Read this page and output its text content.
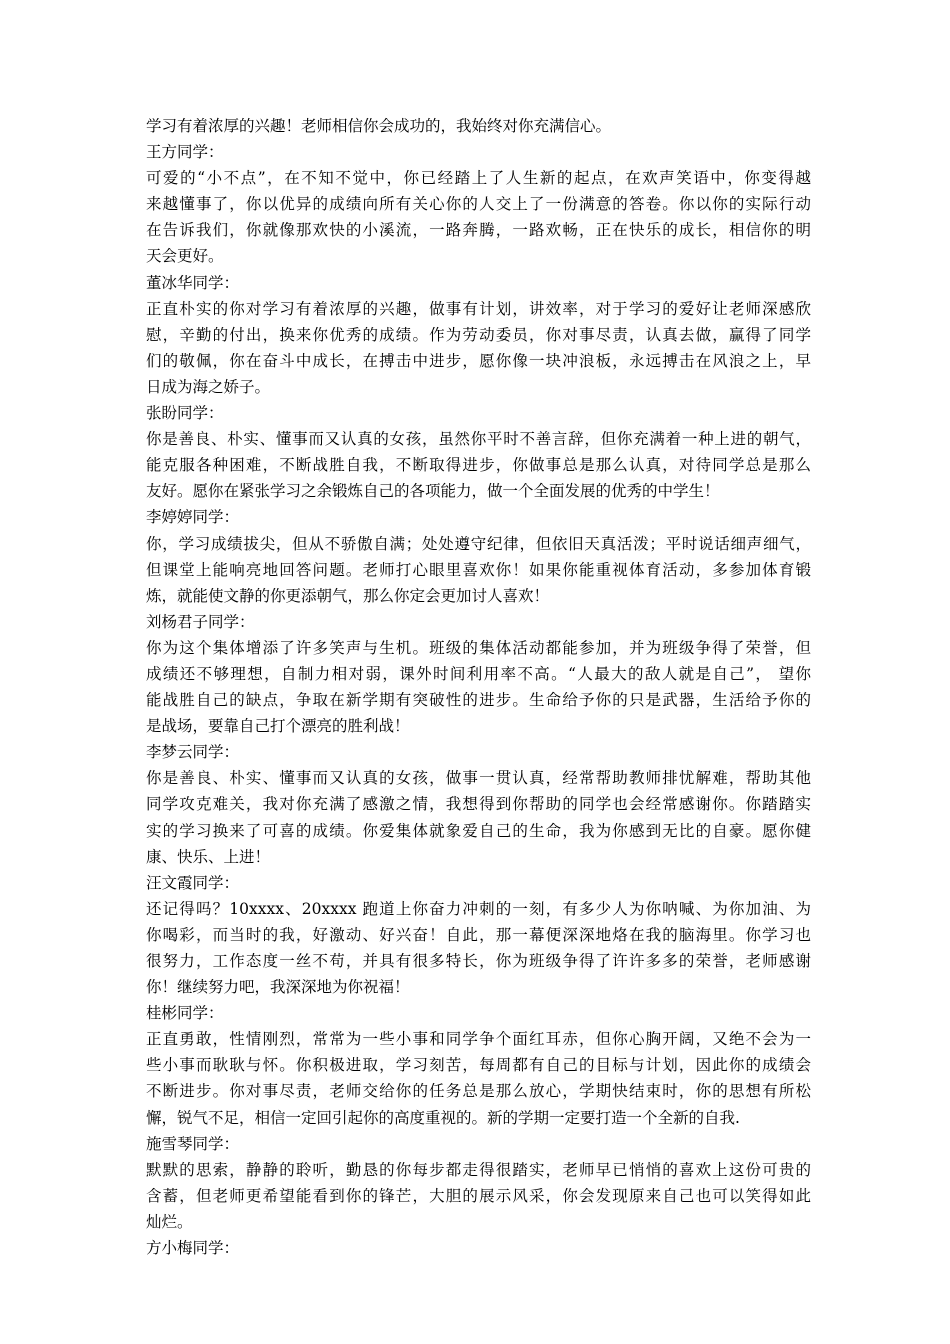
学习有着浓厚的兴趣！老师相信你会成功的，我始终对你充满信心。
王方同学：
可爱的“小不点”，在不知不觉中，你已经踏上了人生新的起点，在欢声笑语中，你变得越
来越懂事了，你以优异的成绩向所有关心你的人交上了一份满意的答卷。你以你的实际行动
在告诉我们，你就像那欢快的小溪流，一路奔腾，一路欢畅，正在快乐的成长，相信你的明
天会更好。
董冰华同学：
正直朴实的你对学习有着浓厚的兴趣，做事有计划，讲效率，对于学习的爱好让老师深感欣
慰，辛勤的付出，换来你优秀的成绩。作为劳动委员，你对事尽责，认真去做，赢得了同学
们的敬佩，你在奋斗中成长，在搏击中进步，愿你像一块冲浪板，永远搏击在风浪之上，早
日成为海之娇子。
张盼同学：
你是善良、朴实、懂事而又认真的女孩，虽然你平时不善言辞，但你充满着一种上进的朝气，
能克服各种困难，不断战胜自我，不断取得进步，你做事总是那么认真，对待同学总是那么
友好。愿你在紧张学习之余锻炼自己的各项能力，做一个全面发展的优秀的中学生！
李婷婷同学：
你，学习成绩拔尖，但从不骄傲自满；处处遵守纪律，但依旧天真活泼；平时说话细声细气，
但课堂上能响亮地回答问题。老师打心眼里喜欢你！如果你能重视体育活动，多参加体育锻
炼，就能使文静的你更添朝气，那么你定会更加讨人喜欢！
刘杨君子同学：
你为这个集体增添了许多笑声与生机。班级的集体活动都能参加，并为班级争得了荣誉，但
成绩还不够理想，自制力相对弱，课外时间利用率不高。“人最大的敌人就是自己”， 望你
能战胜自己的缺点，争取在新学期有突破性的进步。生命给予你的只是武器，生活给予你的
是战场，要靠自己打个漂亮的胜利战！
李梦云同学：
你是善良、朴实、懂事而又认真的女孩，做事一贯认真，经常帮助教师排忧解难，帮助其他
同学攻克难关，我对你充满了感激之情，我想得到你帮助的同学也会经常感谢你。你踏踏实
实的学习换来了可喜的成绩。你爱集体就象爱自己的生命，我为你感到无比的自豪。愿你健
康、快乐、上进！
汪文霞同学：
还记得吗？10xxxx、20xxxx 跑道上你奋力冲刺的一刻，有多少人为你呐喊、为你加油、为
你喝彩，而当时的我，好激动、好兴奋！自此，那一幕便深深地烙在我的脑海里。你学习也
很努力，工作态度一丝不苟，并具有很多特长，你为班级争得了许许多多的荣誉，老师感谢
你！继续努力吧，我深深地为你祝福！
桂彬同学：
正直勇敢，性情刚烈，常常为一些小事和同学争个面红耳赤，但你心胸开阔，又绝不会为一
些小事而耿耿与怀。你积极进取，学习刻苦，每周都有自己的目标与计划，因此你的成绩会
不断进步。你对事尽责，老师交给你的任务总是那么放心，学期快结束时，你的思想有所松
懈，锐气不足，相信一定回引起你的高度重视的。新的学期一定要打造一个全新的自我.
施雪琴同学：
默默的思索，静静的聆听，勤恳的你每步都走得很踏实，老师早已悄悄的喜欢上这份可贵的
含蓄，但老师更希望能看到你的锋芒，大胆的展示风采，你会发现原来自己也可以笑得如此
灿烂。
方小梅同学：
